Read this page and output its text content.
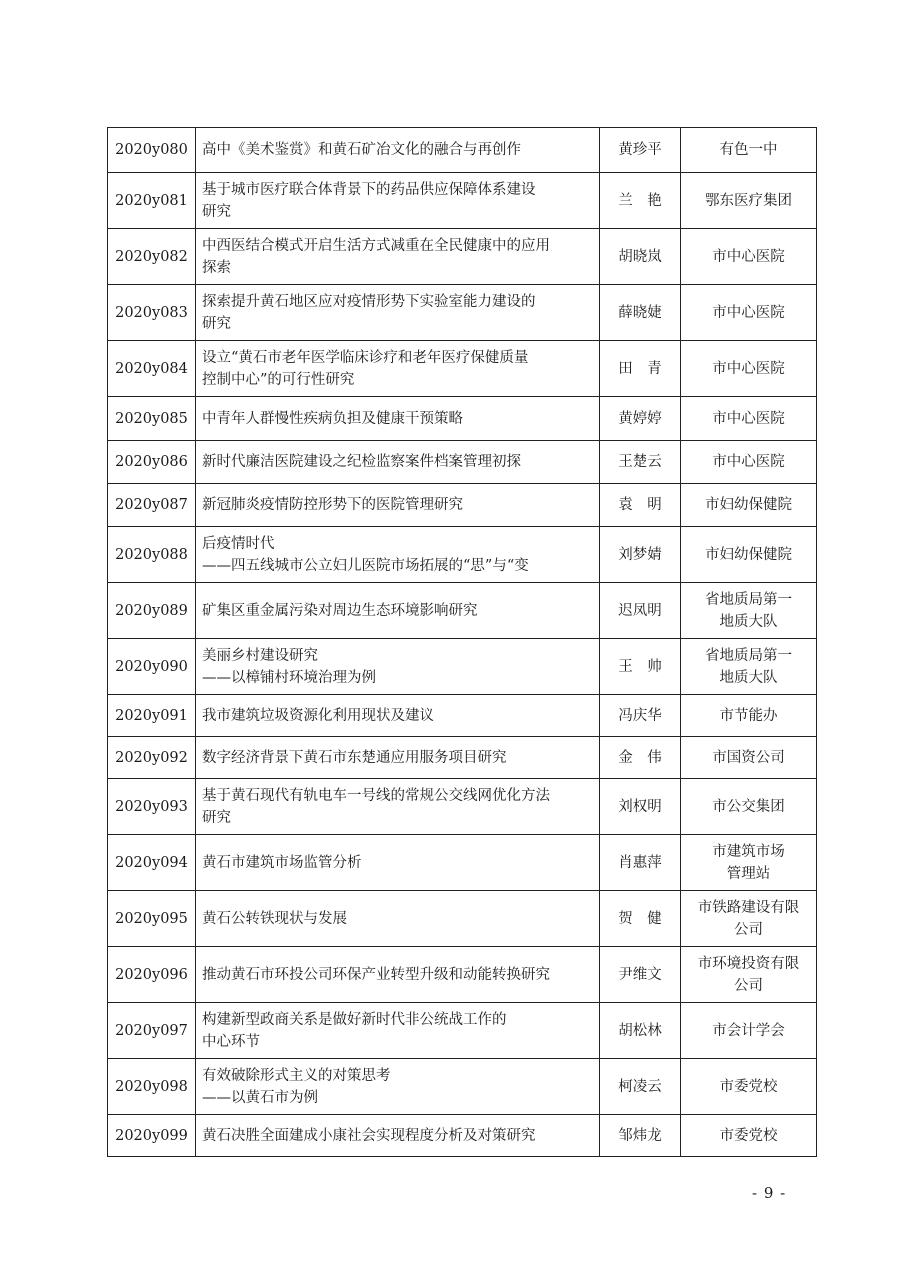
2020y080	高中《美术鉴赏》和黄石矿冶文化的融合与再创作	黄珍平	有色一中

2020y081	基于城市医疗联合体背景下的药品供应保障体系建设
研究	兰　艳	鄂东医疗集团

2020y082	中西医结合模式开启生活方式减重在全民健康中的应用
探索	胡晓岚	市中心医院

2020y083	探索提升黄石地区应对疫情形势下实验室能力建设的
研究	薛晓婕	市中心医院

2020y084	设立“黄石市老年医学临床诊疗和老年医疗保健质量
控制中心”的可行性研究	田　青	市中心医院

2020y085	中青年人群慢性疾病负担及健康干预策略	黄婷婷	市中心医院

2020y086	新时代廉洁医院建设之纪检监察案件档案管理初探	王楚云	市中心医院

2020y087	新冠肺炎疫情防控形势下的医院管理研究	袁　明	市妇幼保健院

2020y088	后疫情时代
——四五线城市公立妇儿医院市场拓展的“思”与“变	刘梦婧	市妇幼保健院

2020y089	矿集区重金属污染对周边生态环境影响研究	迟凤明	省地质局第一
地质大队

2020y090	美丽乡村建设研究
——以樟铺村环境治理为例	王　帅	省地质局第一
地质大队

2020y091	我市建筑垃圾资源化利用现状及建议	冯庆华	市节能办

2020y092	数字经济背景下黄石市东楚通应用服务项目研究	金　伟	市国资公司

2020y093	基于黄石现代有轨电车一号线的常规公交线网优化方法
研究	刘权明	市公交集团

2020y094	黄石市建筑市场监管分析	肖惠萍	市建筑市场
管理站

2020y095	黄石公转铁现状与发展	贺　健	市铁路建设有限
公司

2020y096	推动黄石市环投公司环保产业转型升级和动能转换研究	尹维文	市环境投资有限
公司

2020y097	构建新型政商关系是做好新时代非公统战工作的
中心环节	胡松林	市会计学会

2020y098	有效破除形式主义的对策思考
——以黄石市为例	柯凌云	市委党校

2020y099	黄石决胜全面建成小康社会实现程度分析及对策研究	邹炜龙	市委党校
- 9 -
